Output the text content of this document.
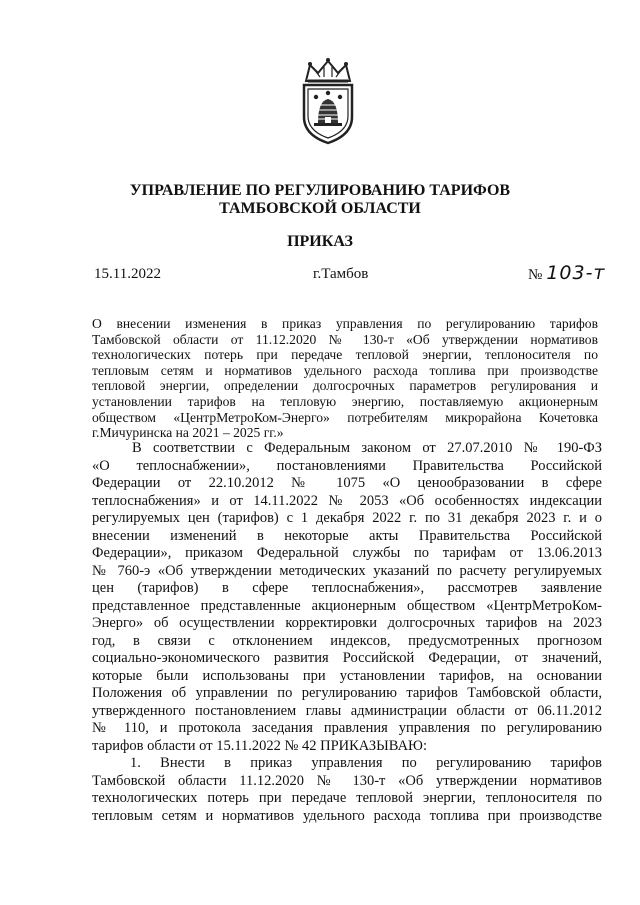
УПРАВЛЕНИЕ ПО РЕГУЛИРОВАНИЮ ТАРИФОВ
ТАМБОВСКОЙ ОБЛАСТИ
ПРИКАЗ
15.11.2022	г.Тамбов	№ 103-т
О внесении изменения в приказ управления по регулированию тарифов
Тамбовской области от 11.12.2020 № 130-т «Об утверждении нормативов
технологических потерь при передаче тепловой энергии, теплоносителя по
тепловым сетям и нормативов удельного расхода топлива при производстве
тепловой энергии, определении долгосрочных параметров регулирования и
установлении тарифов на тепловую энергию, поставляемую акционерным
обществом «ЦентрМетроКом-Энерго» потребителям микрорайона Кочетовка
г.Мичуринска на 2021 – 2025 гг.»
В соответствии с Федеральным законом от 27.07.2010 № 190-ФЗ
«О теплоснабжении», постановлениями Правительства Российской
Федерации от 22.10.2012 № 1075 «О ценообразовании в сфере
теплоснабжения» и от 14.11.2022 № 2053 «Об особенностях индексации
регулируемых цен (тарифов) с 1 декабря 2022 г. по 31 декабря 2023 г. и о
внесении изменений в некоторые акты Правительства Российской
Федерации», приказом Федеральной службы по тарифам от 13.06.2013
№ 760-э «Об утверждении методических указаний по расчету регулируемых
цен (тарифов) в сфере теплоснабжения», рассмотрев заявление
представленное представленные акционерным обществом «ЦентрМетроКом-
Энерго» об осуществлении корректировки долгосрочных тарифов на 2023
год, в связи с отклонением индексов, предусмотренных прогнозом
социально-экономического развития Российской Федерации, от значений,
которые были использованы при установлении тарифов, на основании
Положения об управлении по регулированию тарифов Тамбовской области,
утвержденного постановлением главы администрации области от 06.11.2012
№ 110, и протокола заседания правления управления по регулированию
тарифов области от 15.11.2022 № 42 ПРИКАЗЫВАЮ:
1. Внести в приказ управления по регулированию тарифов
Тамбовской области 11.12.2020 № 130-т «Об утверждении нормативов
технологических потерь при передаче тепловой энергии, теплоносителя по
тепловым сетям и нормативов удельного расхода топлива при производстве
